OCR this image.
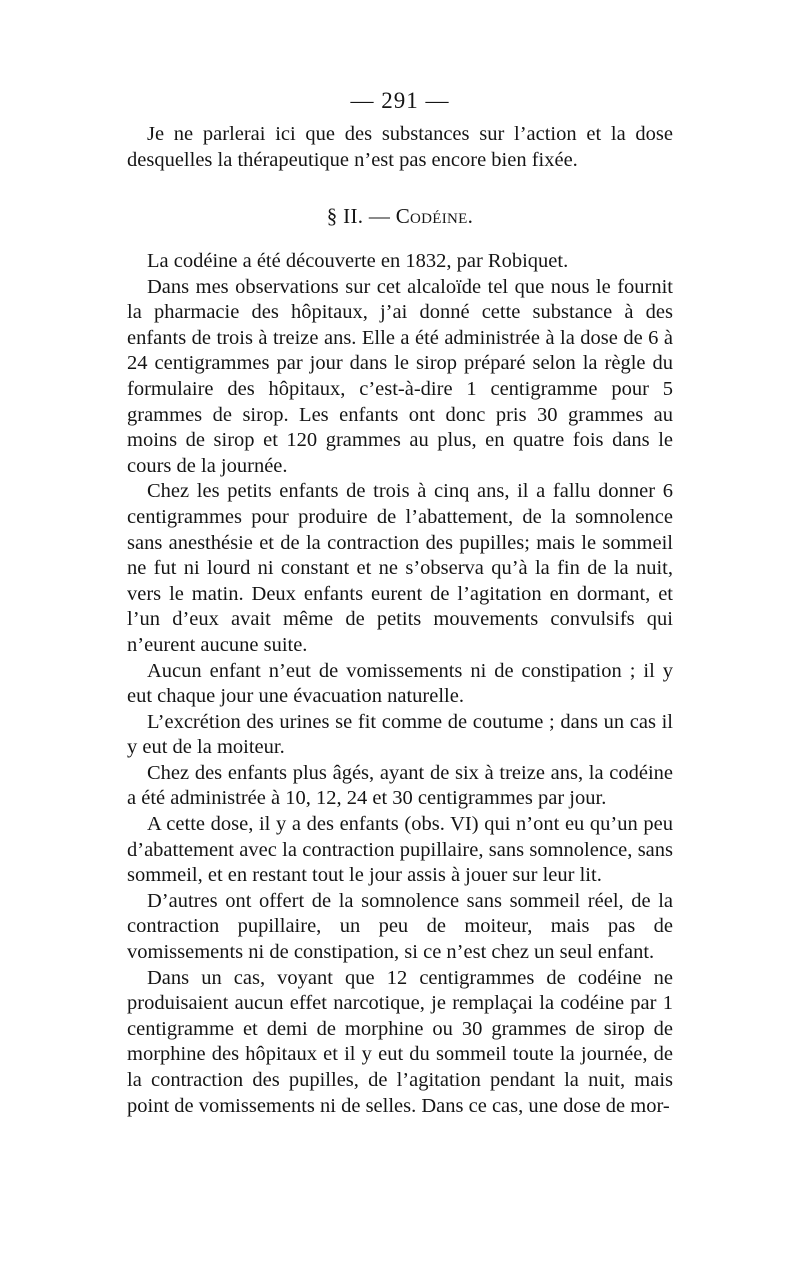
— 291 —

Je ne parlerai ici que des substances sur l’action et la dose desquelles la thérapeutique n’est pas encore bien fixée.

§ II. — Codéine.

La codéine a été découverte en 1832, par Robiquet.

Dans mes observations sur cet alcaloïde tel que nous le fournit la pharmacie des hôpitaux, j’ai donné cette substance à des enfants de trois à treize ans. Elle a été administrée à la dose de 6 à 24 centigrammes par jour dans le sirop préparé selon la règle du formulaire des hôpitaux, c’est-à-dire 1 centigramme pour 5 grammes de sirop. Les enfants ont donc pris 30 grammes au moins de sirop et 120 grammes au plus, en quatre fois dans le cours de la journée.

Chez les petits enfants de trois à cinq ans, il a fallu donner 6 centigrammes pour produire de l’abattement, de la somnolence sans anesthésie et de la contraction des pupilles; mais le sommeil ne fut ni lourd ni constant et ne s’observa qu’à la fin de la nuit, vers le matin. Deux enfants eurent de l’agitation en dormant, et l’un d’eux avait même de petits mouvements convulsifs qui n’eurent aucune suite.

Aucun enfant n’eut de vomissements ni de constipation ; il y eut chaque jour une évacuation naturelle.

L’excrétion des urines se fit comme de coutume ; dans un cas il y eut de la moiteur.

Chez des enfants plus âgés, ayant de six à treize ans, la codéine a été administrée à 10, 12, 24 et 30 centigrammes par jour.

A cette dose, il y a des enfants (obs. VI) qui n’ont eu qu’un peu d’abattement avec la contraction pupillaire, sans somnolence, sans sommeil, et en restant tout le jour assis à jouer sur leur lit.

D’autres ont offert de la somnolence sans sommeil réel, de la contraction pupillaire, un peu de moiteur, mais pas de vomissements ni de constipation, si ce n’est chez un seul enfant.

Dans un cas, voyant que 12 centigrammes de codéine ne produisaient aucun effet narcotique, je remplaçai la codéine par 1 centigramme et demi de morphine ou 30 grammes de sirop de morphine des hôpitaux et il y eut du sommeil toute la journée, de la contraction des pupilles, de l’agitation pendant la nuit, mais point de vomissements ni de selles. Dans ce cas, une dose de mor-
